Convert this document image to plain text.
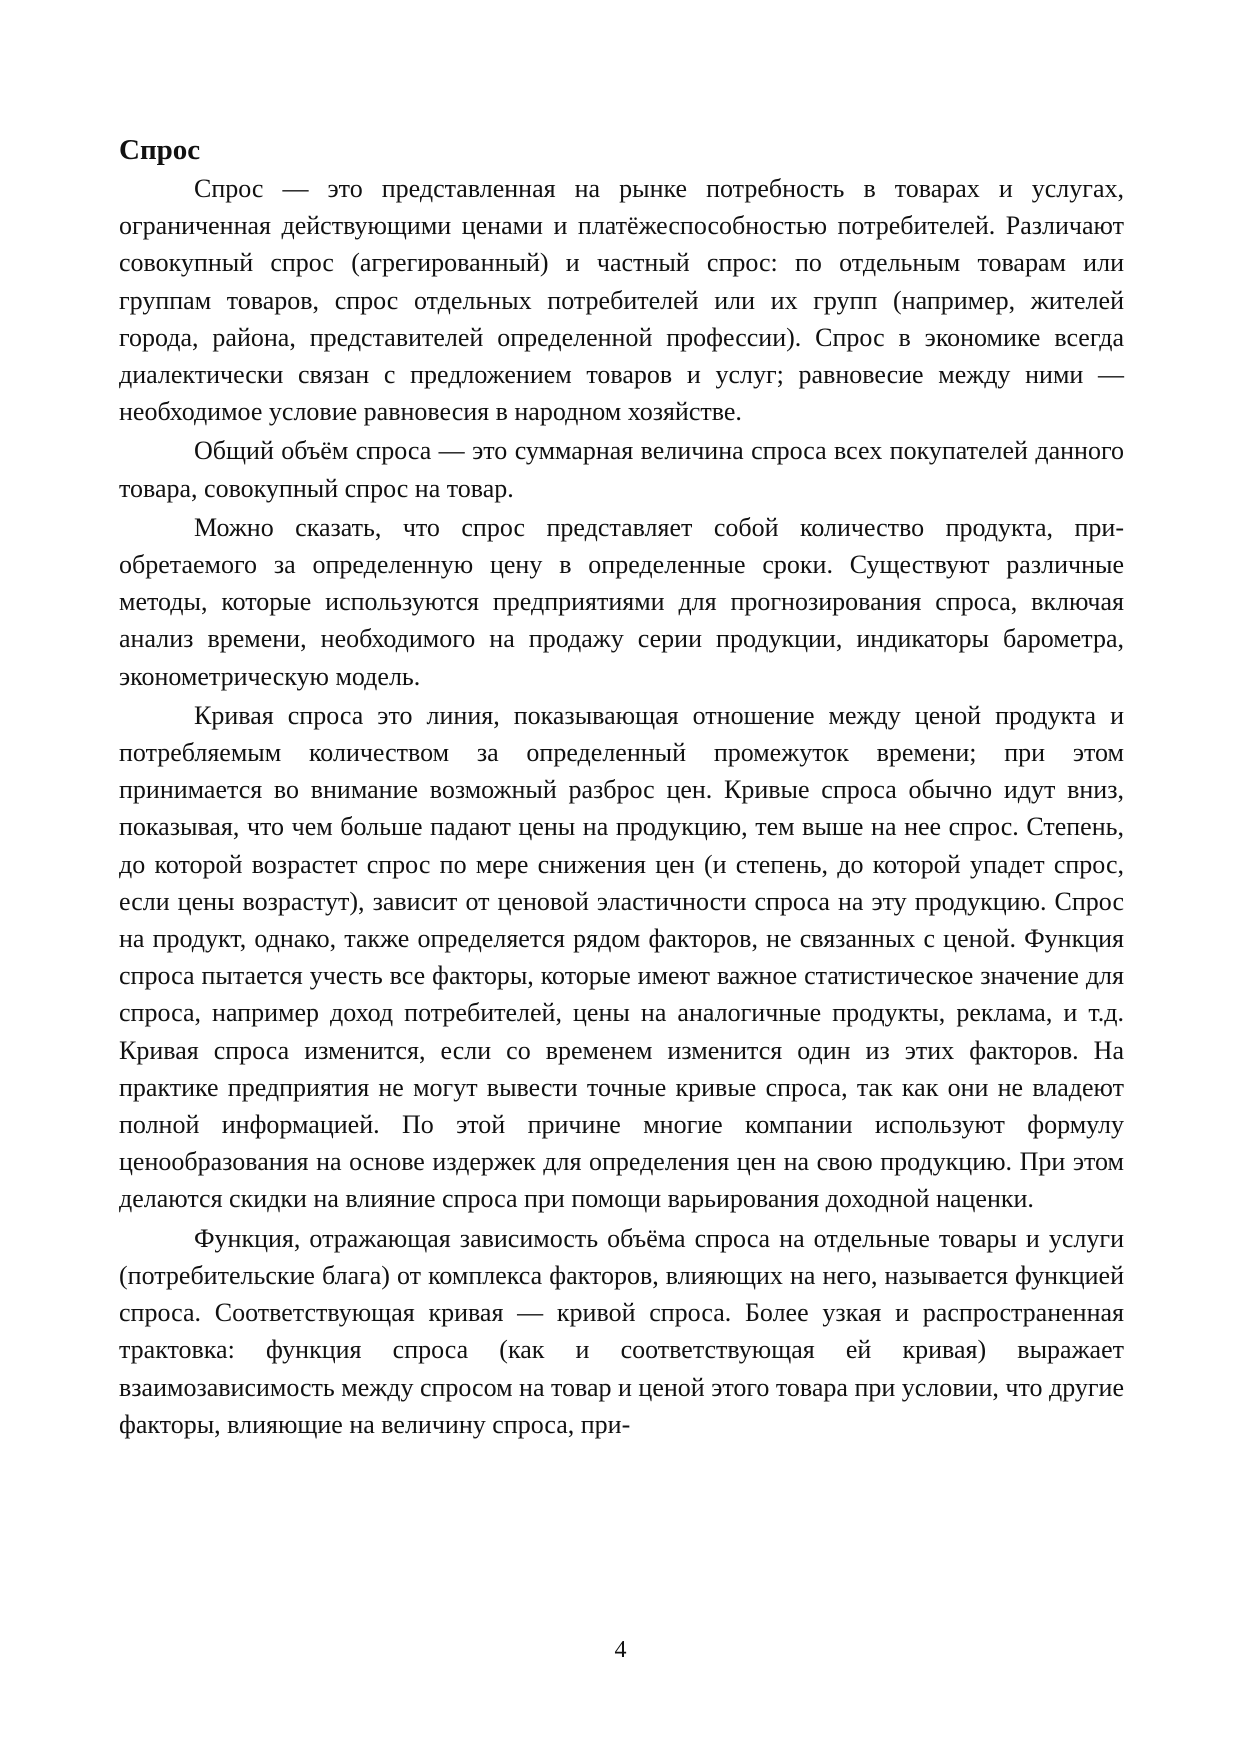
Спрос

Спрос — это представленная на рынке потребность в товарах и услугах, ограниченная действующими ценами и платёжеспособностью потребителей. Различают совокупный спрос (агрегированный) и частный спрос: по отдельным товарам или группам товаров, спрос отдельных потребителей или их групп (например, жителей города, района, представителей определенной профессии). Спрос в экономике всегда диалектически связан с предложением товаров и услуг; равновесие между ними — необходимое условие равновесия в народном хозяйстве.

Общий объём спроса — это суммарная величина спроса всех покупателей данного товара, совокупный спрос на товар.

Можно сказать, что спрос представляет собой количество продукта, приобретаемого за определенную цену в определенные сроки. Существуют различные методы, которые используются предприятиями для прогнозирования спроса, включая анализ времени, необходимого на продажу серии продукции, индикаторы барометра, эконометрическую модель.

Кривая спроса это линия, показывающая отношение между ценой продукта и потребляемым количеством за определенный промежуток времени; при этом принимается во внимание возможный разброс цен. Кривые спроса обычно идут вниз, показывая, что чем больше падают цены на продукцию, тем выше на нее спрос. Степень, до которой возрастет спрос по мере снижения цен (и степень, до которой упадет спрос, если цены возрастут), зависит от ценовой эластичности спроса на эту продукцию. Спрос на продукт, однако, также определяется рядом факторов, не связанных с ценой. Функция спроса пытается учесть все факторы, которые имеют важное статистическое значение для спроса, например доход потребителей, цены на аналогичные продукты, реклама, и т.д. Кривая спроса изменится, если со временем изменится один из этих факторов. На практике предприятия не могут вывести точные кривые спроса, так как они не владеют полной информацией. По этой причине многие компании используют формулу ценообразования на основе издержек для определения цен на свою продукцию. При этом делаются скидки на влияние спроса при помощи варьирования доходной наценки.

Функция, отражающая зависимость объёма спроса на отдельные товары и услуги (потребительские блага) от комплекса факторов, влияющих на него, называется функцией спроса. Соответствующая кривая — кривой спроса. Более узкая и распространенная трактовка: функция спроса (как и соответствующая ей кривая) выражает взаимозависимость между спросом на товар и ценой этого товара при условии, что другие факторы, влияющие на величину спроса, при-

4
